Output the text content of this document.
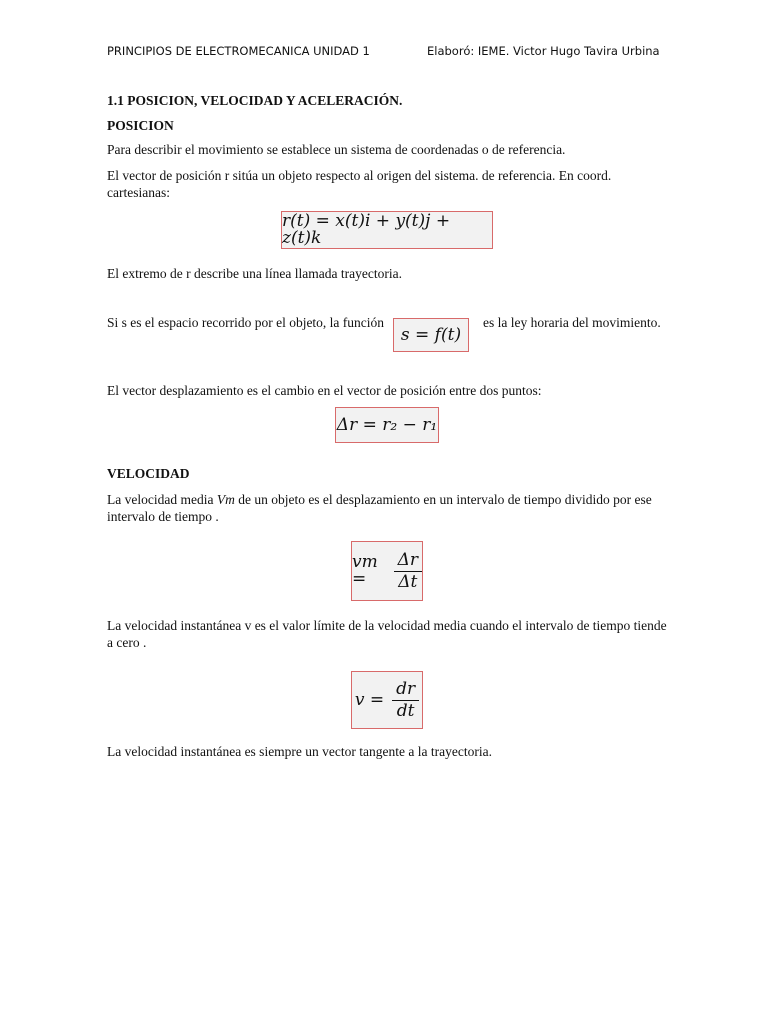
PRINCIPIOS DE ELECTROMECANICA UNIDAD 1	Elaboró: IEME. Victor Hugo Tavira Urbina

1.1 POSICION, VELOCIDAD Y ACELERACIÓN.

POSICION

Para describir el movimiento se establece un sistema de coordenadas o de referencia.

El vector de posición r sitúa un objeto respecto al origen del sistema. de referencia. En coord. cartesianas:

r(t) = x(t)i + y(t)j + z(t)k

El extremo de r describe una línea llamada trayectoria.

Si s es el espacio recorrido por el objeto, la función
s = f(t)
es la ley horaria del movimiento.

El vector desplazamiento es el cambio en el vector de posición entre dos puntos:

Δr = r₂ − r₁

VELOCIDAD

La velocidad media Vm de un objeto es el desplazamiento en un intervalo de tiempo dividido por ese intervalo de tiempo .

vm =	$\frac{\Delta r}{\Delta t}$

La velocidad instantánea v es el valor límite de la velocidad media cuando el intervalo de tiempo tiende a cero .

$v = \frac{dr}{dt}$

La velocidad instantánea es siempre un vector tangente a la trayectoria.
